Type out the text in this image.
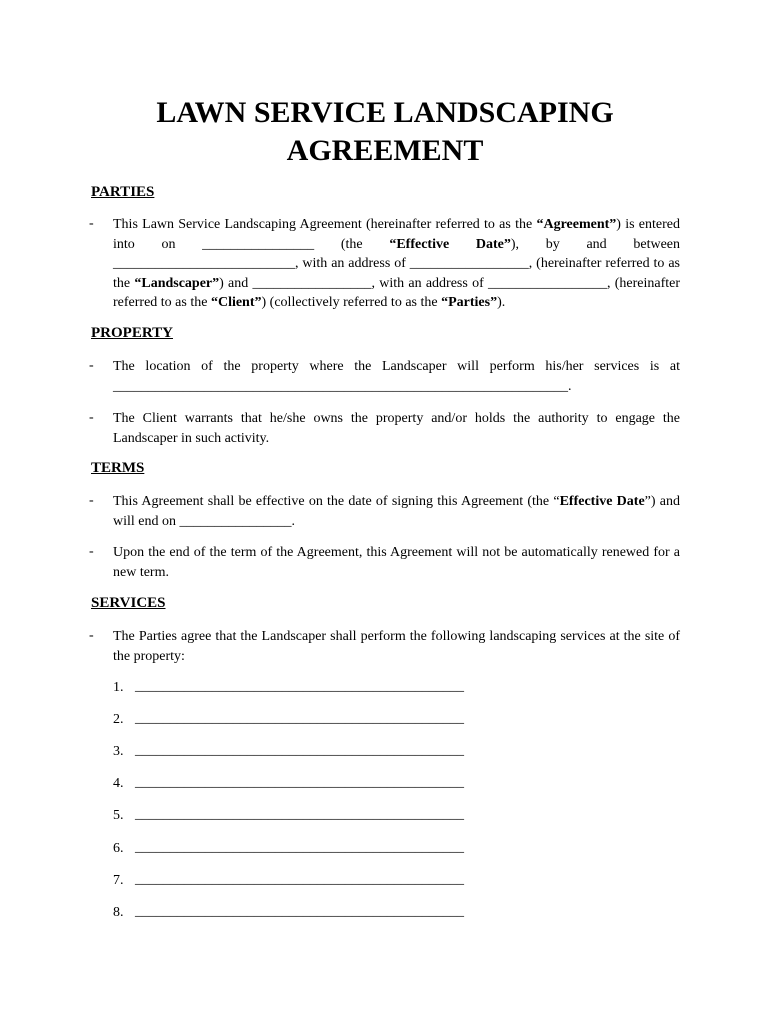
LAWN SERVICE LANDSCAPING
AGREEMENT
PARTIES
- This Lawn Service Landscaping Agreement (hereinafter referred to as the “Agreement”) is entered into on ________________ (the “Effective Date”), by and between __________________________, with an address of _________________, (hereinafter referred to as the “Landscaper”) and _________________, with an address of _________________, (hereinafter referred to as the “Client”) (collectively referred to as the “Parties”).
PROPERTY
- The location of the property where the Landscaper will perform his/her services is at _________________________________________________________________.
- The Client warrants that he/she owns the property and/or holds the authority to engage the Landscaper in such activity.
TERMS
- This Agreement shall be effective on the date of signing this Agreement (the “Effective Date”) and will end on ________________.
- Upon the end of the term of the Agreement, this Agreement will not be automatically renewed for a new term.
SERVICES
- The Parties agree that the Landscaper shall perform the following landscaping services at the site of the property:
1. _______________________________________________
2. _______________________________________________
3. _______________________________________________
4. _______________________________________________
5. _______________________________________________
6. _______________________________________________
7. _______________________________________________
8. _______________________________________________
